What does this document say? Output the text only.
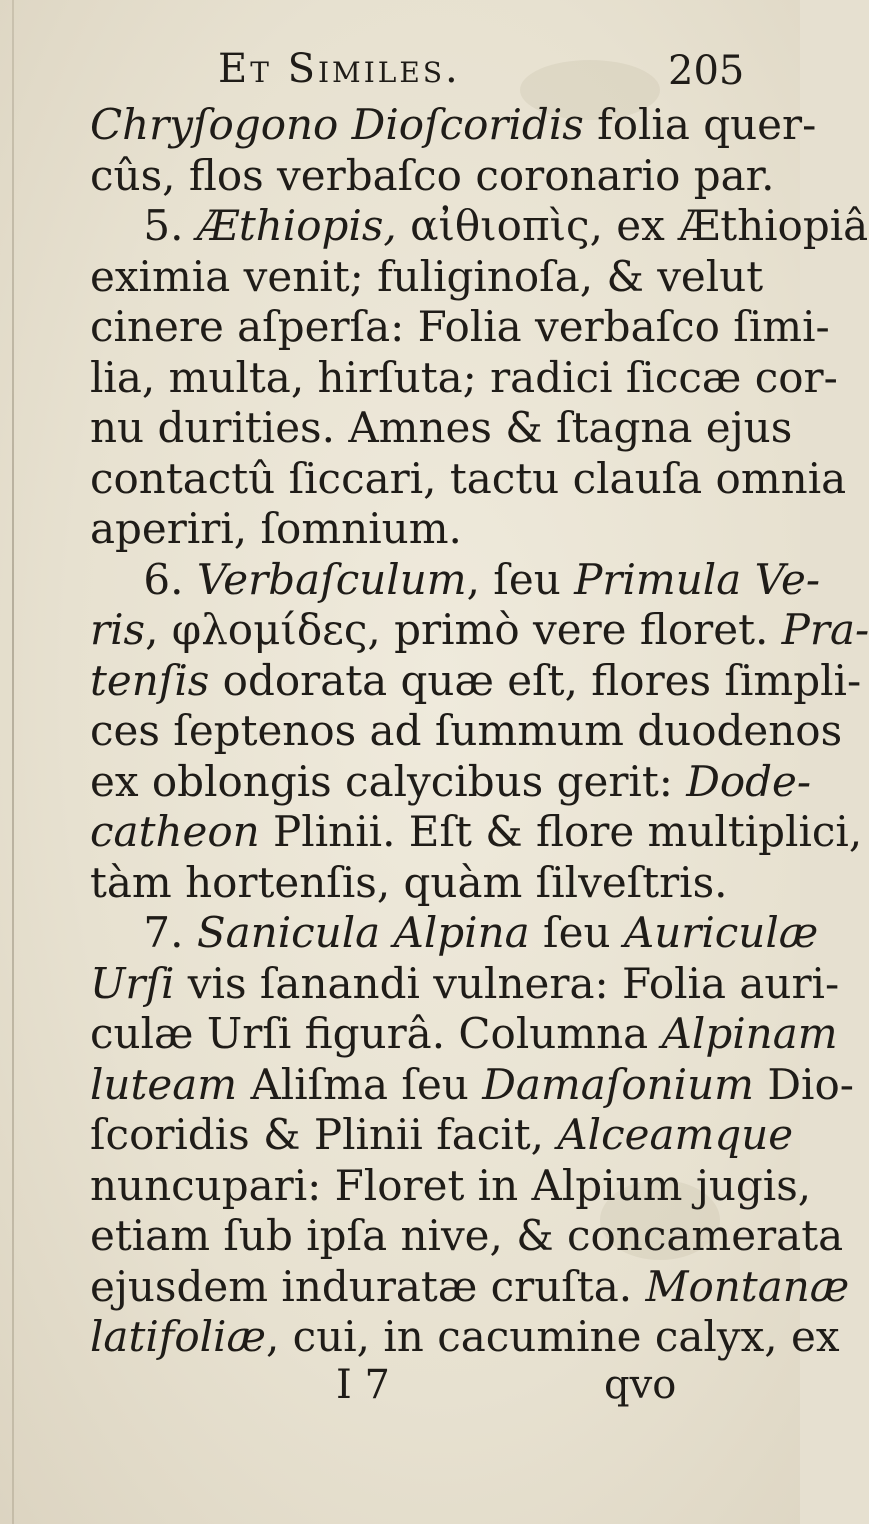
Et Similes.	205
Chryſogono Dioſcoridis folia quer-
cûs, flos verbaſco coronario par.
5. Æthiopis, αἰθιοπὶς, ex Æthiopiâ
eximia venit; fuliginoſa, & velut
cinere aſperſa: Folia verbaſco ſimi-
lia, multa, hirſuta; radici ſiccæ cor-
nu durities. Amnes & ſtagna ejus
contactû ſiccari, tactu clauſa omnia
aperiri, ſomnium.
6. Verbaſculum, ſeu Primula Ve-
ris, φλομίδες, primò vere floret. Pra-
tenſis odorata quæ eſt, flores ſimpli-
ces ſeptenos ad ſummum duodenos
ex oblongis calycibus gerit: Dode-
catheon Plinii. Eſt & flore multiplici,
tàm hortenſis, quàm ſilveſtris.
7. Sanicula Alpina ſeu Auriculæ
Urſi vis ſanandi vulnera: Folia auri-
culæ Urſi figurâ. Columna Alpinam
luteam Aliſma ſeu Damaſonium Dio-
ſcoridis & Plinii facit, Alceamque
nuncupari: Floret in Alpium jugis,
etiam ſub ipſa nive, & concamerata
ejusdem induratæ cruſta. Montanæ
latifoliæ, cui, in cacumine calyx, ex
I 7	qvo
